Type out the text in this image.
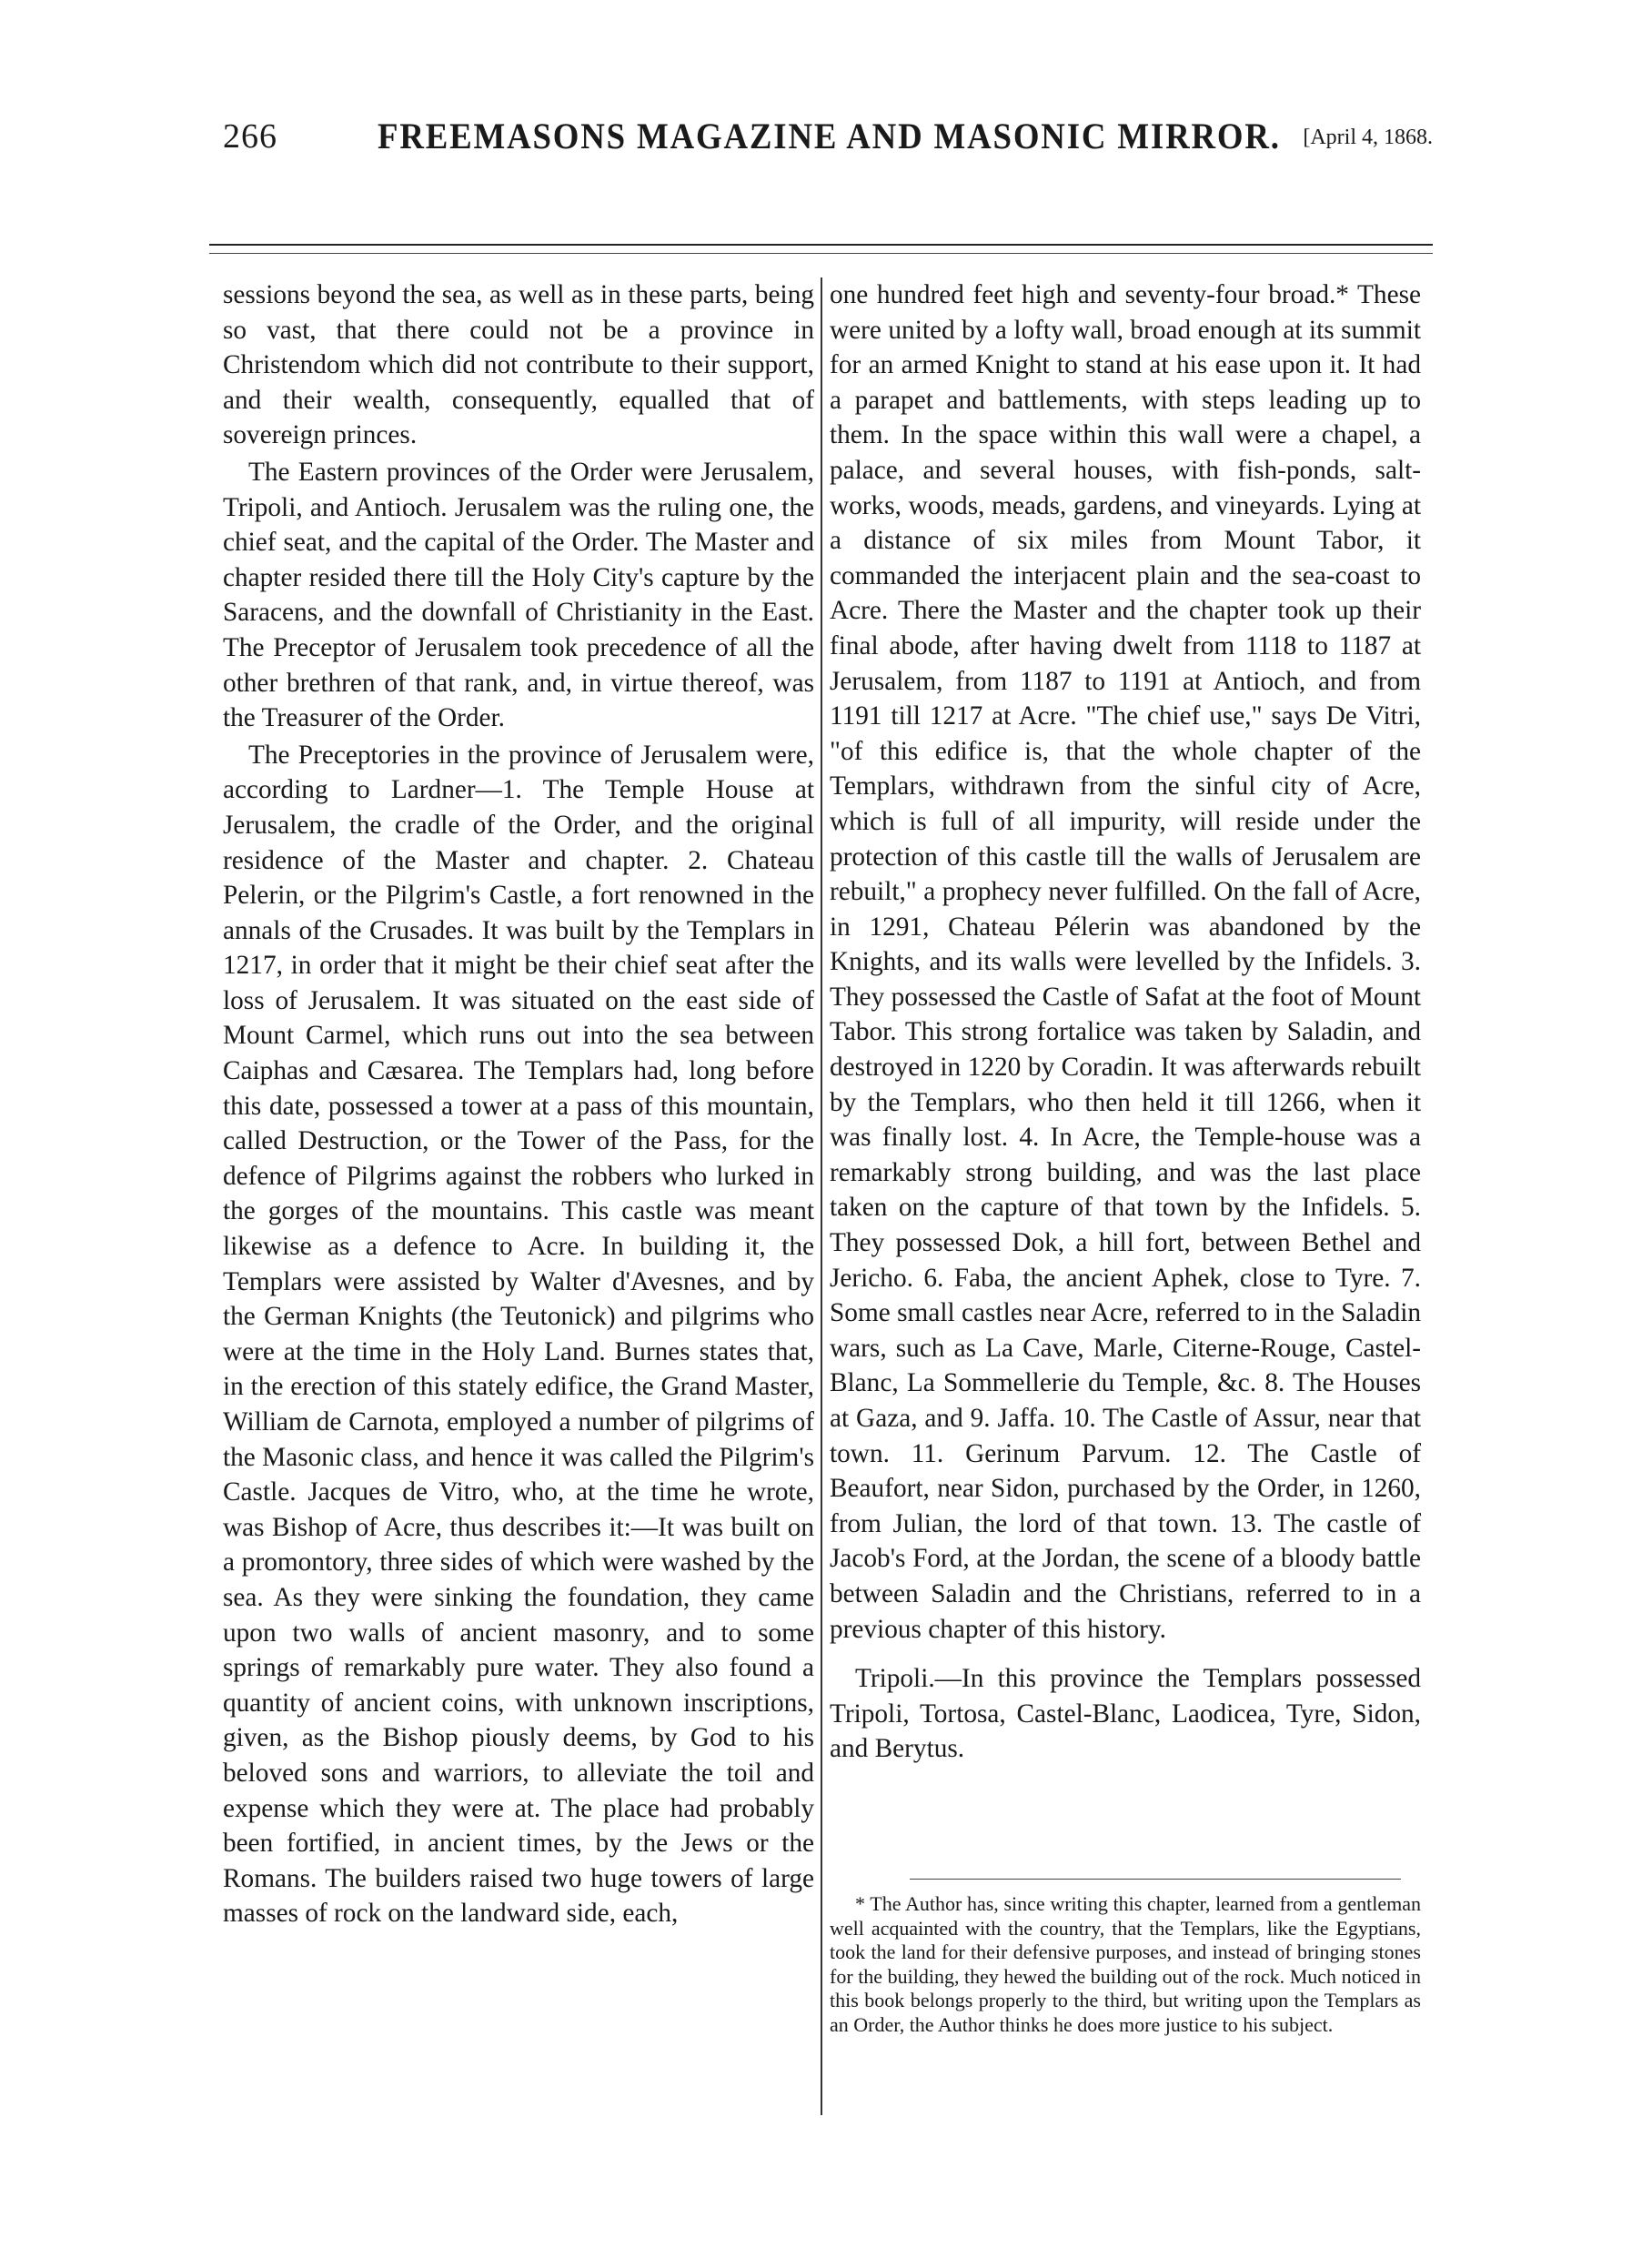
266	FREEMASONS MAGAZINE AND MASONIC MIRROR. [April 4, 1868.

sessions beyond the sea, as well as in these parts, being so vast, that there could not be a province in Christendom which did not contribute to their support, and their wealth, consequently, equalled that of sovereign princes.

The Eastern provinces of the Order were Jerusalem, Tripoli, and Antioch. Jerusalem was the ruling one, the chief seat, and the capital of the Order. The Master and chapter resided there till the Holy City's capture by the Saracens, and the downfall of Christianity in the East. The Preceptor of Jerusalem took precedence of all the other brethren of that rank, and, in virtue thereof, was the Treasurer of the Order.

The Preceptories in the province of Jerusalem were, according to Lardner—1. The Temple House at Jerusalem, the cradle of the Order, and the original residence of the Master and chapter. 2. Chateau Pelerin, or the Pilgrim's Castle, a fort renowned in the annals of the Crusades. It was built by the Templars in 1217, in order that it might be their chief seat after the loss of Jerusalem. It was situated on the east side of Mount Carmel, which runs out into the sea between Caiphas and Cæsarea. The Templars had, long before this date, possessed a tower at a pass of this mountain, called Destruction, or the Tower of the Pass, for the defence of Pilgrims against the robbers who lurked in the gorges of the mountains. This castle was meant likewise as a defence to Acre. In building it, the Templars were assisted by Walter d'Avesnes, and by the German Knights (the Teutonick) and pilgrims who were at the time in the Holy Land. Burnes states that, in the erection of this stately edifice, the Grand Master, William de Carnota, employed a number of pilgrims of the Masonic class, and hence it was called the Pilgrim's Castle. Jacques de Vitro, who, at the time he wrote, was Bishop of Acre, thus describes it:—It was built on a promontory, three sides of which were washed by the sea. As they were sinking the foundation, they came upon two walls of ancient masonry, and to some springs of remarkably pure water. They also found a quantity of ancient coins, with unknown inscriptions, given, as the Bishop piously deems, by God to his beloved sons and warriors, to alleviate the toil and expense which they were at. The place had probably been fortified, in ancient times, by the Jews or the Romans. The builders raised two huge towers of large masses of rock on the landward side, each,

one hundred feet high and seventy-four broad.* These were united by a lofty wall, broad enough at its summit for an armed Knight to stand at his ease upon it. It had a parapet and battlements, with steps leading up to them. In the space within this wall were a chapel, a palace, and several houses, with fish-ponds, salt-works, woods, meads, gardens, and vineyards. Lying at a distance of six miles from Mount Tabor, it commanded the interjacent plain and the sea-coast to Acre. There the Master and the chapter took up their final abode, after having dwelt from 1118 to 1187 at Jerusalem, from 1187 to 1191 at Antioch, and from 1191 till 1217 at Acre. "The chief use," says De Vitri, "of this edifice is, that the whole chapter of the Templars, withdrawn from the sinful city of Acre, which is full of all impurity, will reside under the protection of this castle till the walls of Jerusalem are rebuilt," a prophecy never fulfilled. On the fall of Acre, in 1291, Chateau Pélerin was abandoned by the Knights, and its walls were levelled by the Infidels. 3. They possessed the Castle of Safat at the foot of Mount Tabor. This strong fortalice was taken by Saladin, and destroyed in 1220 by Coradin. It was afterwards rebuilt by the Templars, who then held it till 1266, when it was finally lost. 4. In Acre, the Temple-house was a remarkably strong building, and was the last place taken on the capture of that town by the Infidels. 5. They possessed Dok, a hill fort, between Bethel and Jericho. 6. Faba, the ancient Aphek, close to Tyre. 7. Some small castles near Acre, referred to in the Saladin wars, such as La Cave, Marle, Citerne-Rouge, Castel-Blanc, La Sommellerie du Temple, &c. 8. The Houses at Gaza, and 9. Jaffa. 10. The Castle of Assur, near that town. 11. Gerinum Parvum. 12. The Castle of Beaufort, near Sidon, purchased by the Order, in 1260, from Julian, the lord of that town. 13. The castle of Jacob's Ford, at the Jordan, the scene of a bloody battle between Saladin and the Christians, referred to in a previous chapter of this history.

Tripoli.—In this province the Templars possessed Tripoli, Tortosa, Castel-Blanc, Laodicea, Tyre, Sidon, and Berytus.

* The Author has, since writing this chapter, learned from a gentleman well acquainted with the country, that the Templars, like the Egyptians, took the land for their defensive purposes, and instead of bringing stones for the building, they hewed the building out of the rock. Much noticed in this book belongs properly to the third, but writing upon the Templars as an Order, the Author thinks he does more justice to his subject.
